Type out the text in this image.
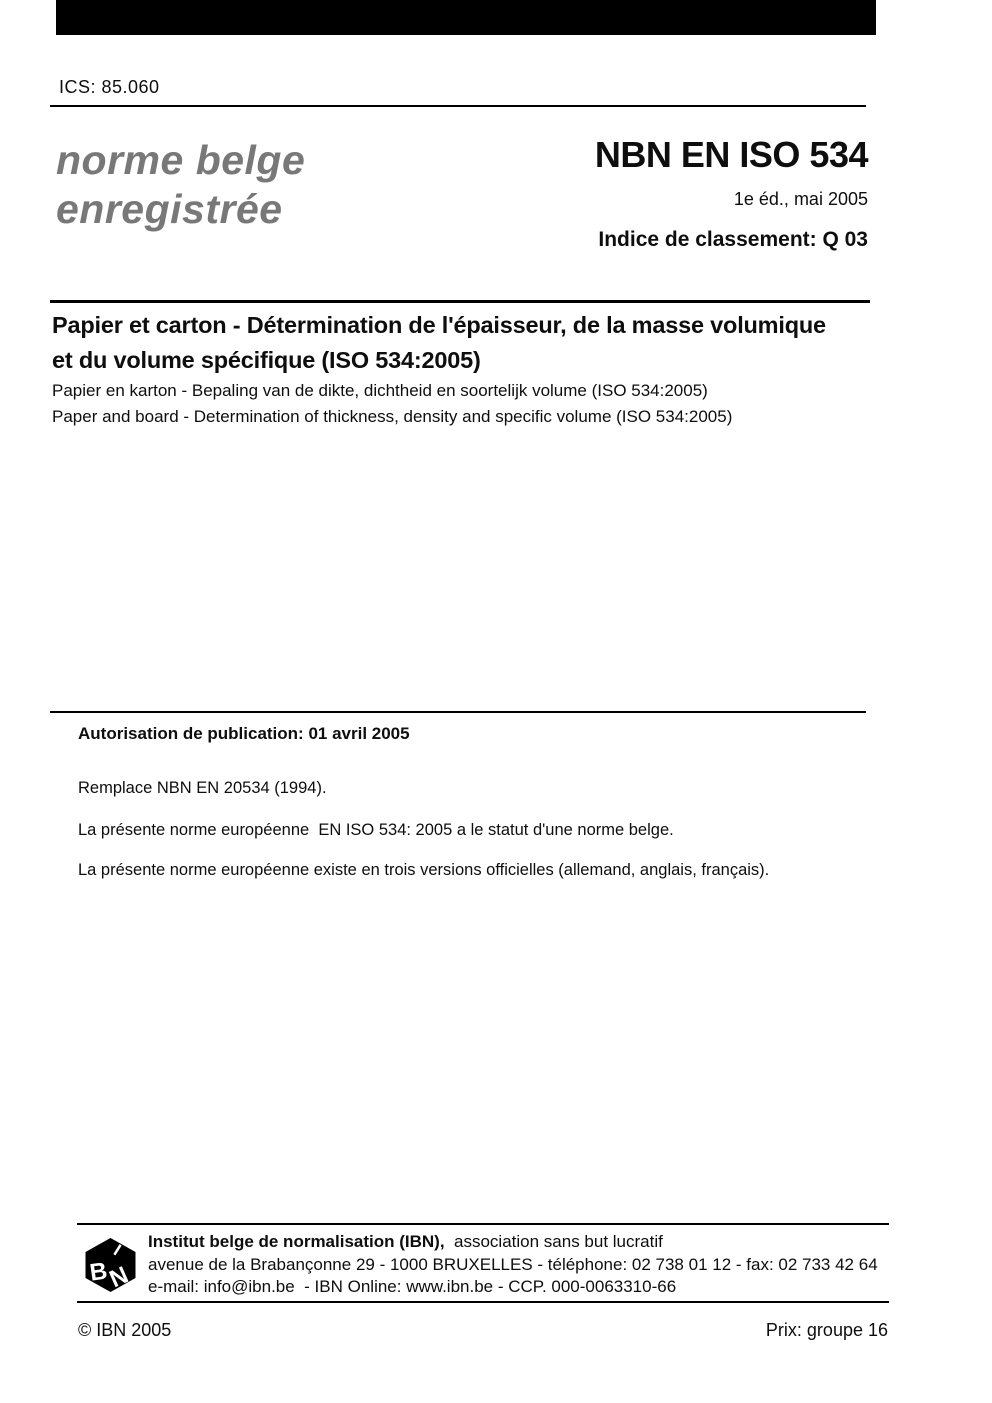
ICS: 85.060
norme belge
enregistrée
NBN EN ISO 534
1e éd., mai 2005
Indice de classement: Q 03
Papier et carton - Détermination de l'épaisseur, de la masse volumique
et du volume spécifique (ISO 534:2005)
Papier en karton - Bepaling van de dikte, dichtheid en soortelijk volume (ISO 534:2005)
Paper and board - Determination of thickness, density and specific volume (ISO 534:2005)
Autorisation de publication: 01 avril 2005
Remplace NBN EN 20534 (1994).
La présente norme européenne  EN ISO 534: 2005 a le statut d'une norme belge.
La présente norme européenne existe en trois versions officielles (allemand, anglais, français).
I
B
N
Institut belge de normalisation (IBN),  association sans but lucratif
avenue de la Brabançonne 29 - 1000 BRUXELLES - téléphone: 02 738 01 12 - fax: 02 733 42 64
e-mail: info@ibn.be  - IBN Online: www.ibn.be - CCP. 000-0063310-66
© IBN 2005	Prix: groupe 16
